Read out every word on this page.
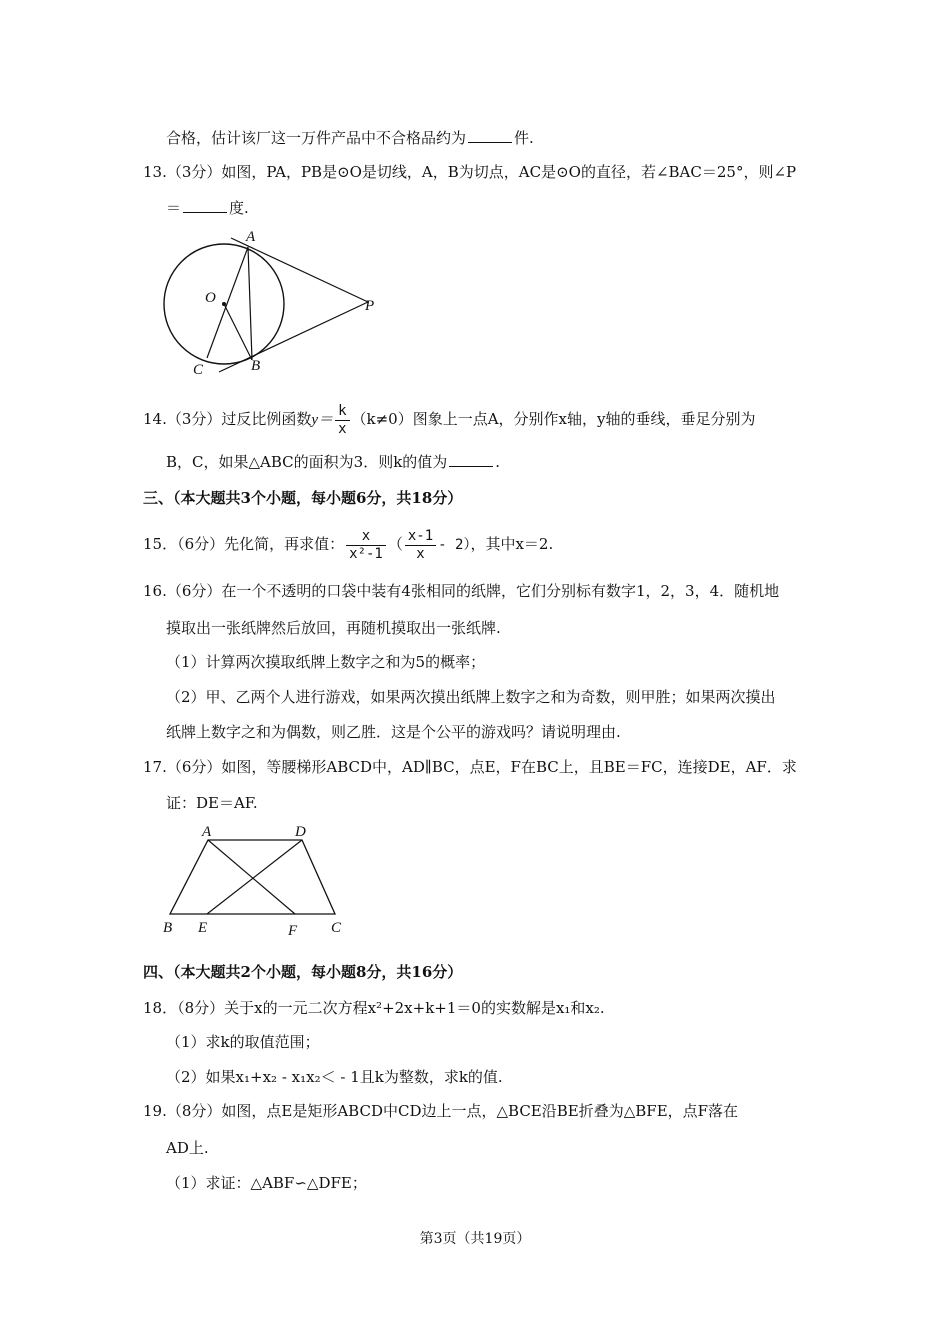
合格，估计该厂这一万件产品中不合格品约为	件.
13.（3分）如图，PA，PB是⊙O是切线，A，B为切点，AC是⊙O的直径，若∠BAC＝25°，则∠P
＝	度.
A
O	P
B
C
14.（3分）过反比例函数$y= \frac{k}{x} (k\ne 0)$图象上一点A，分别作x轴，y轴的垂线，垂足分别为
B，C，如果△ABC的面积为3．则k的值为	.
三、（本大题共3个小题，每小题6分，共18分）
15．（6分）先化简，再求值： $\frac{x}{\text{x²-1}}$ （ $\frac{x-1}{x} - 2$），其中x＝2.
16.（6分）在一个不透明的口袋中装有4张相同的纸牌，它们分别标有数字1，2，3，4．随机地
摸取出一张纸牌然后放回，再随机摸取出一张纸牌.
（1）计算两次摸取纸牌上数字之和为5的概率；
（2）甲、乙两个人进行游戏，如果两次摸出纸牌上数字之和为奇数，则甲胜；如果两次摸出
纸牌上数字之和为偶数，则乙胜．这是个公平的游戏吗？请说明理由.
17.（6分）如图，等腰梯形ABCD中，AD∥BC，点E，F在BC上，且BE＝FC，连接DE，AF．求
证：DE＝AF.
A	D
B E	F C
四、（本大题共2个小题，每小题8分，共16分）
18．（8分）关于x的一元二次方程x²+2x+k+1＝0的实数解是x₁和x₂.
（1）求k的取值范围；
（2）如果x₁+x₂ - x₁x₂＜ - 1且k为整数，求k的值.
19.（8分）如图，点E是矩形ABCD中CD边上一点，△BCE沿BE折叠为△BFE，点F落在
AD上.
（1）求证：△ABF∽△DFE；
第3页（共19页）
